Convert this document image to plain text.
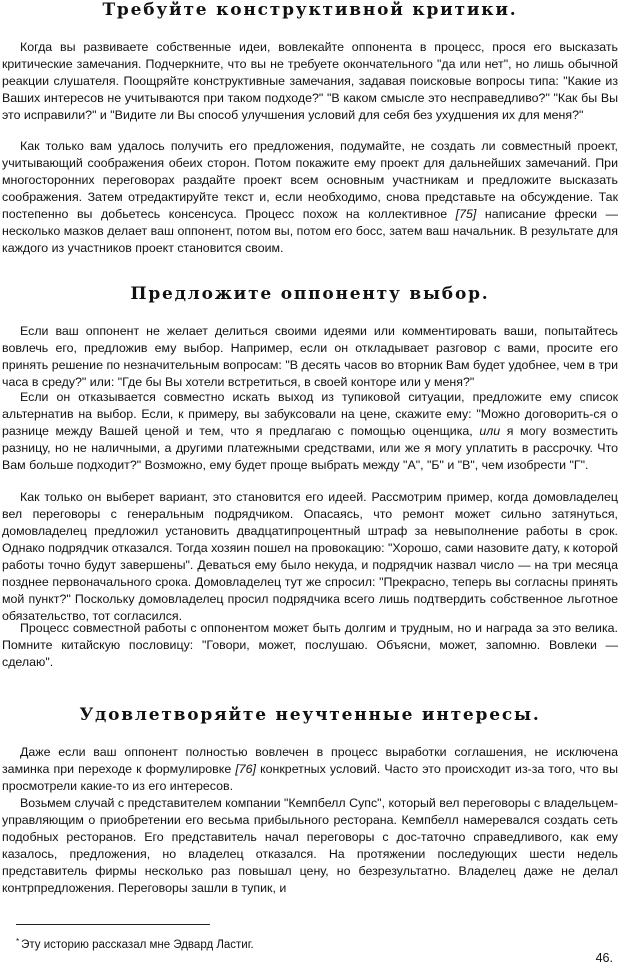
Требуйте конструктивной критики.

Когда вы развиваете собственные идеи, вовлекайте оппонента в процесс, прося его высказать критические замечания. Подчеркните, что вы не требуете окончательного "да или нет", но лишь обычной реакции слушателя. Поощряйте конструктивные замечания, задавая поисковые вопросы типа: "Какие из Ваших интересов не учитываются при таком подходе?" "В каком смысле это несправедливо?" "Как бы Вы это исправили?" и "Видите ли Вы способ улучшения условий для себя без ухудшения их для меня?"

Как только вам удалось получить его предложения, подумайте, не создать ли совместный проект, учитывающий соображения обеих сторон. Потом покажите ему проект для дальнейших замечаний. При многосторонних переговорах раздайте проект всем основным участникам и предложите высказать соображения. Затем отредактируйте текст и, если необходимо, снова представьте на обсуждение. Так постепенно вы добьетесь консенсуса. Процесс похож на коллективное [75] написание фрески — несколько мазков делает ваш оппонент, потом вы, потом его босс, затем ваш начальник. В результате для каждого из участников проект становится своим.

Предложите оппоненту выбор.

Если ваш оппонент не желает делиться своими идеями или комментировать ваши, попытайтесь вовлечь его, предложив ему выбор. Например, если он откладывает разговор с вами, просите его принять решение по незначительным вопросам: "В десять часов во вторник Вам будет удобнее, чем в три часа в среду?" или: "Где бы Вы хотели встретиться, в своей конторе или у меня?"

Если он отказывается совместно искать выход из тупиковой ситуации, предложите ему список альтернатив на выбор. Если, к примеру, вы забуксовали на цене, скажите ему: "Можно договорить-ся о разнице между Вашей ценой и тем, что я предлагаю с помощью оценщика, или я могу возместить разницу, но не наличными, а другими платежными средствами, или же я могу уплатить в рассрочку. Что Вам больше подходит?" Возможно, ему будет проще выбрать между "А", "Б" и "В", чем изобрести "Г".

Как только он выберет вариант, это становится его идеей. Рассмотрим пример, когда домовладелец вел переговоры с генеральным подрядчиком. Опасаясь, что ремонт может сильно затянуться, домовладелец предложил установить двадцатипроцентный штраф за невыполнение работы в срок. Однако подрядчик отказался. Тогда хозяин пошел на провокацию: "Хорошо, сами назовите дату, к которой работы точно будут завершены". Деваться ему было некуда, и подрядчик назвал число — на три месяца позднее первоначального срока. Домовладелец тут же спросил: "Прекрасно, теперь вы согласны принять мой пункт?" Поскольку домовладелец просил подрядчика всего лишь подтвердить собственное льготное обязательство, тот согласился.

Процесс совместной работы с оппонентом может быть долгим и трудным, но и награда за это велика. Помните китайскую пословицу: "Говори, может, послушаю. Объясни, может, запомню. Вовлеки — сделаю".

Удовлетворяйте неучтенные интересы.

Даже если ваш оппонент полностью вовлечен в процесс выработки соглашения, не исключена заминка при переходе к формулировке [76] конкретных условий. Часто это происходит из-за того, что вы просмотрели какие-то из его интересов.

Возьмем случай с представителем компании "Кемпбелл Супс", который вел переговоры с владельцем-управляющим о приобретении его весьма прибыльного ресторана. Кемпбелл намеревался создать сеть подобных ресторанов. Его представитель начал переговоры с дос-таточно справедливого, как ему казалось, предложения, но владелец отказался. На протяжении последующих шести недель представитель фирмы несколько раз повышал цену, но безрезультатно. Владелец даже не делал контрпредложения. Переговоры зашли в тупик, и

* Эту историю рассказал мне Эдвард Ластиг.

46.
